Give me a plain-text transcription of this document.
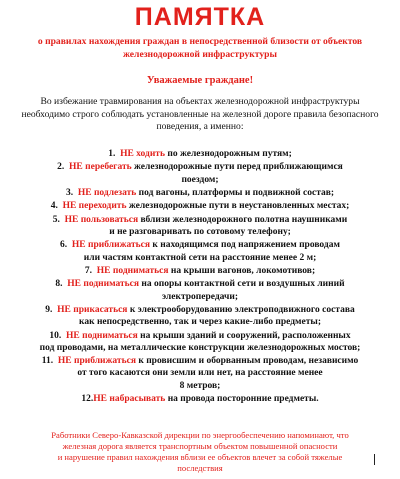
ПАМЯТКА
о правилах нахождения граждан в непосредственной близости от объектов
железнодорожной инфраструктуры
Уважаемые граждане!
Во избежание травмирования на объектах железнодорожной инфраструктуры
необходимо строго соблюдать установленные на железной дороге правила безопасного
поведения, а именно:
1. НЕ ходить по железнодорожным путям;
2. НЕ перебегать железнодорожные пути перед приближающимся
поездом;
3. НЕ подлезать под вагоны, платформы и подвижной состав;
4. НЕ переходить железнодорожные пути в неустановленных местах;
5. НЕ пользоваться вблизи железнодорожного полотна наушниками
и не разговаривать по сотовому телефону;
6. НЕ приближаться к находящимся под напряжением проводам
или частям контактной сети на расстояние менее 2 м;
7. НЕ подниматься на крыши вагонов, локомотивов;
8. НЕ подниматься на опоры контактной сети и воздушных линий
электропередачи;
9. НЕ прикасаться к электрооборудованию электроподвижного состава
как непосредственно, так и через какие-либо предметы;
10. НЕ подниматься на крыши зданий и сооружений, расположенных
под проводами, на металлические конструкции железнодорожных мостов;
11. НЕ приближаться к провисшим и оборванным проводам, независимо
от того касаются они земли или нет, на расстояние менее
8 метров;
12.НЕ набрасывать на провода посторонние предметы.
Работники Северо-Кавказской дирекции по энергообеспечению напоминают, что
железная дорога является транспортным объектом повышенной опасности
и нарушение правил нахождения вблизи ее объектов влечет за собой тяжелые
последствия
